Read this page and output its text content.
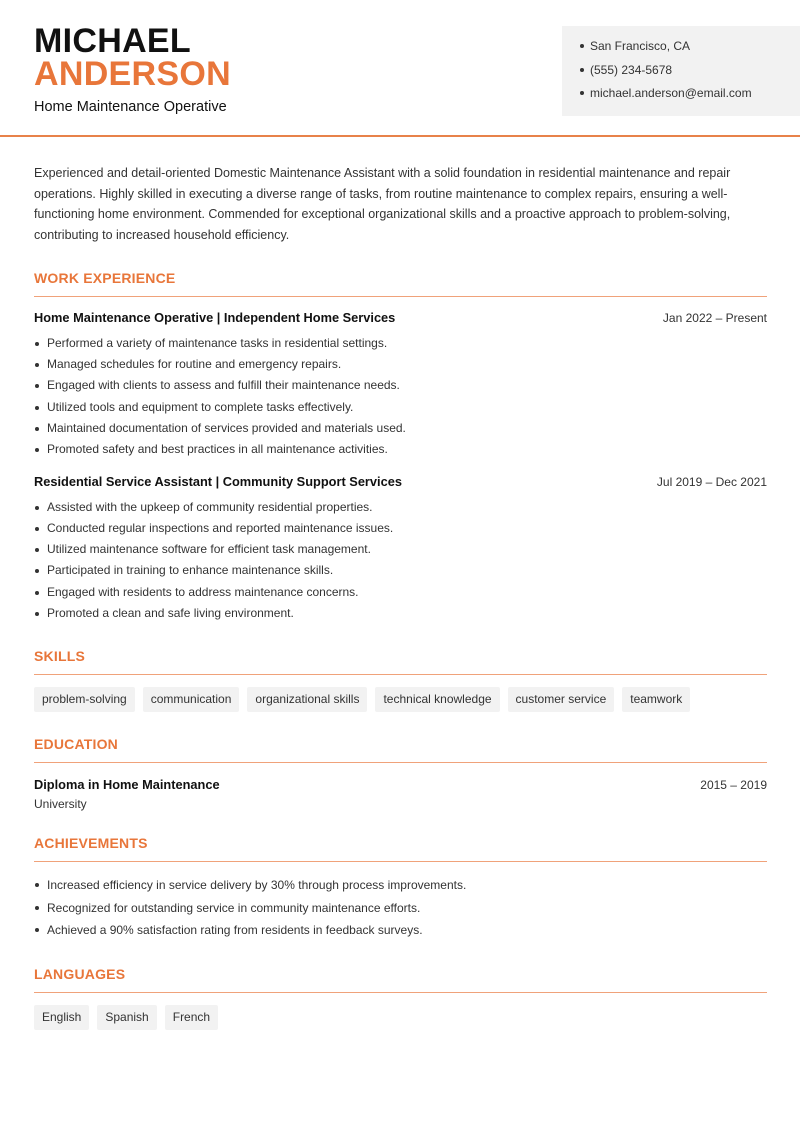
MICHAEL
ANDERSON
Home Maintenance Operative
San Francisco, CA
(555) 234-5678
michael.anderson@email.com

Experienced and detail-oriented Domestic Maintenance Assistant with a solid foundation in residential maintenance and repair operations. Highly skilled in executing a diverse range of tasks, from routine maintenance to complex repairs, ensuring a well-functioning home environment. Commended for exceptional organizational skills and a proactive approach to problem-solving, contributing to increased household efficiency.

WORK EXPERIENCE
Home Maintenance Operative | Independent Home Services	Jan 2022 – Present
Performed a variety of maintenance tasks in residential settings.
Managed schedules for routine and emergency repairs.
Engaged with clients to assess and fulfill their maintenance needs.
Utilized tools and equipment to complete tasks effectively.
Maintained documentation of services provided and materials used.
Promoted safety and best practices in all maintenance activities.
Residential Service Assistant | Community Support Services	Jul 2019 – Dec 2021
Assisted with the upkeep of community residential properties.
Conducted regular inspections and reported maintenance issues.
Utilized maintenance software for efficient task management.
Participated in training to enhance maintenance skills.
Engaged with residents to address maintenance concerns.
Promoted a clean and safe living environment.
SKILLS
problem-solving	communication	organizational skills	technical knowledge	customer service	teamwork
EDUCATION
Diploma in Home Maintenance	2015 – 2019
University
ACHIEVEMENTS
Increased efficiency in service delivery by 30% through process improvements.
Recognized for outstanding service in community maintenance efforts.
Achieved a 90% satisfaction rating from residents in feedback surveys.
LANGUAGES
English	Spanish	French
